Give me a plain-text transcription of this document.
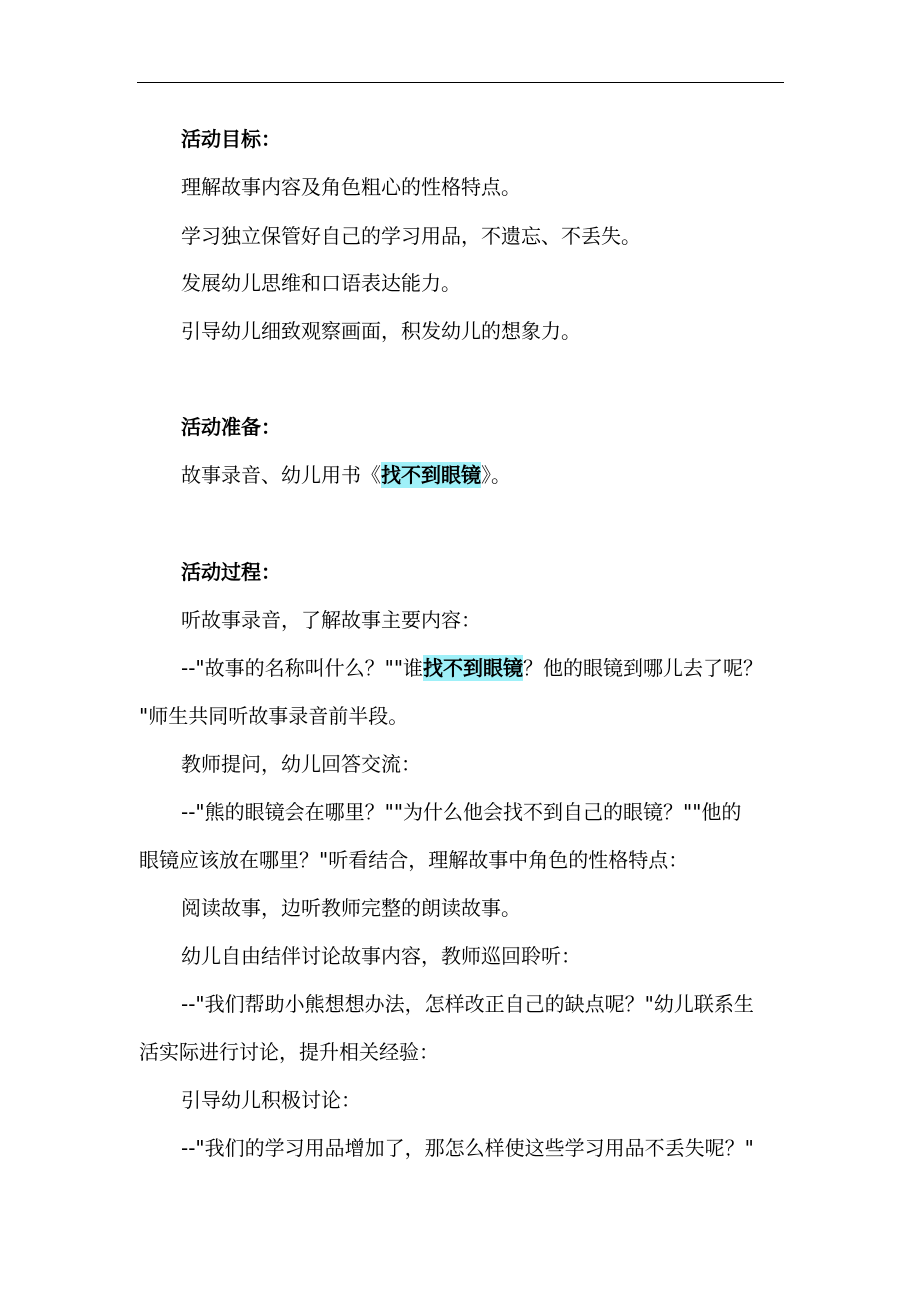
活动目标：
理解故事内容及角色粗心的性格特点。
学习独立保管好自己的学习用品，不遗忘、不丢失。
发展幼儿思维和口语表达能力。
引导幼儿细致观察画面，积发幼儿的想象力。
活动准备：
故事录音、幼儿用书《找不到眼镜》。
活动过程：
听故事录音，了解故事主要内容：
--"故事的名称叫什么？""谁找不到眼镜？他的眼镜到哪儿去了呢？
"师生共同听故事录音前半段。
教师提问，幼儿回答交流：
--"熊的眼镜会在哪里？""为什么他会找不到自己的眼镜？""他的
眼镜应该放在哪里？"听看结合，理解故事中角色的性格特点：
阅读故事，边听教师完整的朗读故事。
幼儿自由结伴讨论故事内容，教师巡回聆听：
--"我们帮助小熊想想办法，怎样改正自己的缺点呢？"幼儿联系生
活实际进行讨论，提升相关经验：
引导幼儿积极讨论：
--"我们的学习用品增加了，那怎么样使这些学习用品不丢失呢？"
